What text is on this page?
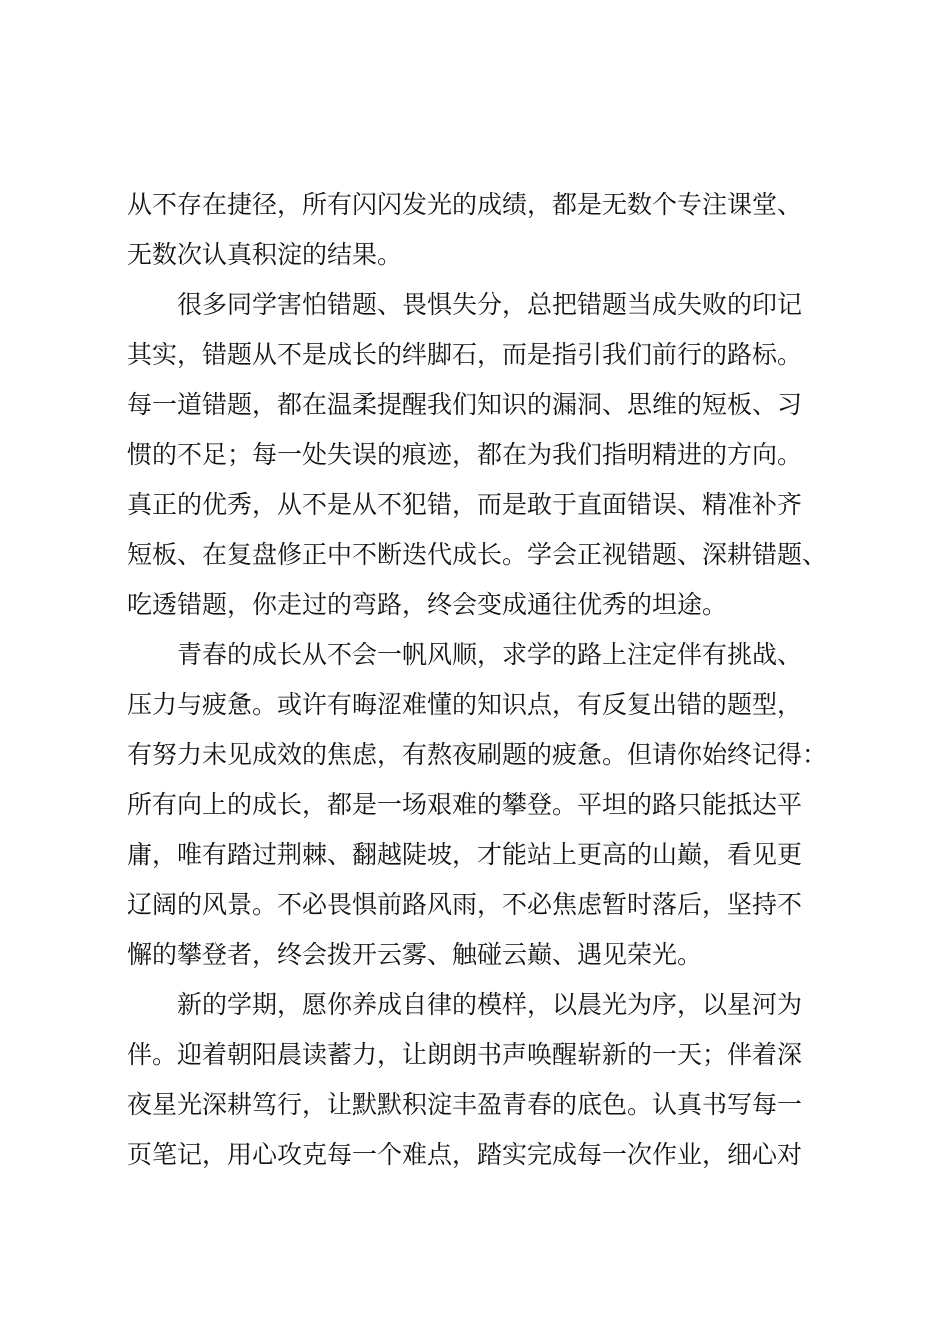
从不存在捷径，所有闪闪发光的成绩，都是无数个专注课堂、
无数次认真积淀的结果。
很多同学害怕错题、畏惧失分，总把错题当成失败的印记
其实，错题从不是成长的绊脚石，而是指引我们前行的路标。
每一道错题，都在温柔提醒我们知识的漏洞、思维的短板、习
惯的不足；每一处失误的痕迹，都在为我们指明精进的方向。
真正的优秀，从不是从不犯错，而是敢于直面错误、精准补齐
短板、在复盘修正中不断迭代成长。学会正视错题、深耕错题、
吃透错题，你走过的弯路，终会变成通往优秀的坦途。
青春的成长从不会一帆风顺，求学的路上注定伴有挑战、
压力与疲惫。或许有晦涩难懂的知识点，有反复出错的题型，
有努力未见成效的焦虑，有熬夜刷题的疲惫。但请你始终记得：
所有向上的成长，都是一场艰难的攀登。平坦的路只能抵达平
庸，唯有踏过荆棘、翻越陡坡，才能站上更高的山巅，看见更
辽阔的风景。不必畏惧前路风雨，不必焦虑暂时落后，坚持不
懈的攀登者，终会拨开云雾、触碰云巅、遇见荣光。
新的学期，愿你养成自律的模样，以晨光为序，以星河为
伴。迎着朝阳晨读蓄力，让朗朗书声唤醒崭新的一天；伴着深
夜星光深耕笃行，让默默积淀丰盈青春的底色。认真书写每一
页笔记，用心攻克每一个难点，踏实完成每一次作业，细心对
